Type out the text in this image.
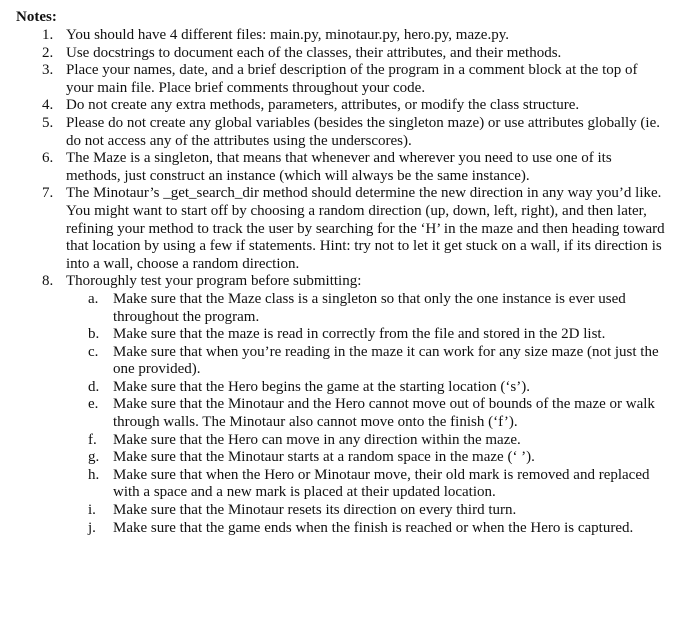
Notes:
1. You should have 4 different files: main.py, minotaur.py, hero.py, maze.py.
2. Use docstrings to document each of the classes, their attributes, and their methods.
3. Place your names, date, and a brief description of the program in a comment block at the top of your main file. Place brief comments throughout your code.
4. Do not create any extra methods, parameters, attributes, or modify the class structure.
5. Please do not create any global variables (besides the singleton maze) or use attributes globally (ie. do not access any of the attributes using the underscores).
6. The Maze is a singleton, that means that whenever and wherever you need to use one of its methods, just construct an instance (which will always be the same instance).
7. The Minotaur’s _get_search_dir method should determine the new direction in any way you’d like. You might want to start off by choosing a random direction (up, down, left, right), and then later, refining your method to track the user by searching for the ‘H’ in the maze and then heading toward that location by using a few if statements. Hint: try not to let it get stuck on a wall, if its direction is into a wall, choose a random direction.
8. Thoroughly test your program before submitting:
a. Make sure that the Maze class is a singleton so that only the one instance is ever used throughout the program.
b. Make sure that the maze is read in correctly from the file and stored in the 2D list.
c. Make sure that when you’re reading in the maze it can work for any size maze (not just the one provided).
d. Make sure that the Hero begins the game at the starting location (‘s’).
e. Make sure that the Minotaur and the Hero cannot move out of bounds of the maze or walk through walls. The Minotaur also cannot move onto the finish (‘f’).
f. Make sure that the Hero can move in any direction within the maze.
g. Make sure that the Minotaur starts at a random space in the maze (‘ ’).
h. Make sure that when the Hero or Minotaur move, their old mark is removed and replaced with a space and a new mark is placed at their updated location.
i. Make sure that the Minotaur resets its direction on every third turn.
j. Make sure that the game ends when the finish is reached or when the Hero is captured.
